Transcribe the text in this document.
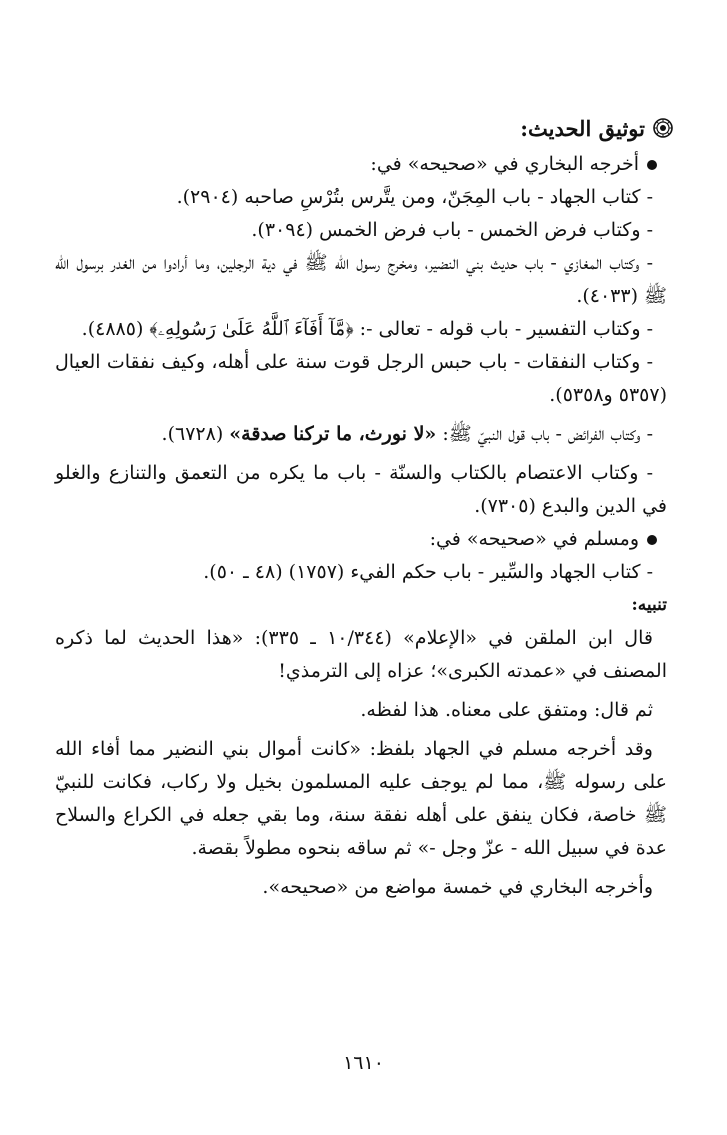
توثيق الحديث:

أخرجه البخاري في «صحيحه» في:

- كتاب الجهاد - باب المِجَنّ، ومن يتَّرس بتُرْسِ صاحبه (٢٩٠٤).

- وكتاب فرض الخمس - باب فرض الخمس (٣٠٩٤).

- وكتاب المغازي - باب حديث بني النضير، ومخرج رسول الله ﷺ في دية الرجلين، وما أرادوا من الغدر برسول الله ﷺ (٤٠٣٣).

- وكتاب التفسير - باب قوله - تعالى -: ﴿مَّآ أَفَآءَ ٱللَّهُ عَلَىٰ رَسُولِهِۦ﴾ (٤٨٨٥).

- وكتاب النفقات - باب حبس الرجل قوت سنة على أهله، وكيف نفقات العيال (٥٣٥٧ و٥٣٥٨).

- وكتاب الفرائض - باب قول النبيّ ﷺ: «لا نورث، ما تركنا صدقة» (٦٧٢٨).

- وكتاب الاعتصام بالكتاب والسنّة - باب ما يكره من التعمق والتنازع والغلو في الدين والبدع (٧٣٠٥).

ومسلم في «صحيحه» في:

- كتاب الجهاد والسِّير - باب حكم الفيء (١٧٥٧) (٤٨ ـ ٥٠).

تنبيه:

قال ابن الملقن في «الإعلام» (١٠/٣٤٤ ـ ٣٣٥): «هذا الحديث لما ذكره المصنف في «عمدته الكبرى»؛ عزاه إلى الترمذي!

ثم قال: ومتفق على معناه. هذا لفظه.

وقد أخرجه مسلم في الجهاد بلفظ: «كانت أموال بني النضير مما أفاء الله على رسوله ﷺ، مما لم يوجف عليه المسلمون بخيل ولا ركاب، فكانت للنبيّ ﷺ خاصة، فكان ينفق على أهله نفقة سنة، وما بقي جعله في الكراع والسلاح عدة في سبيل الله - عزّ وجل -» ثم ساقه بنحوه مطولاً بقصة.

وأخرجه البخاري في خمسة مواضع من «صحيحه».

١٦١٠
